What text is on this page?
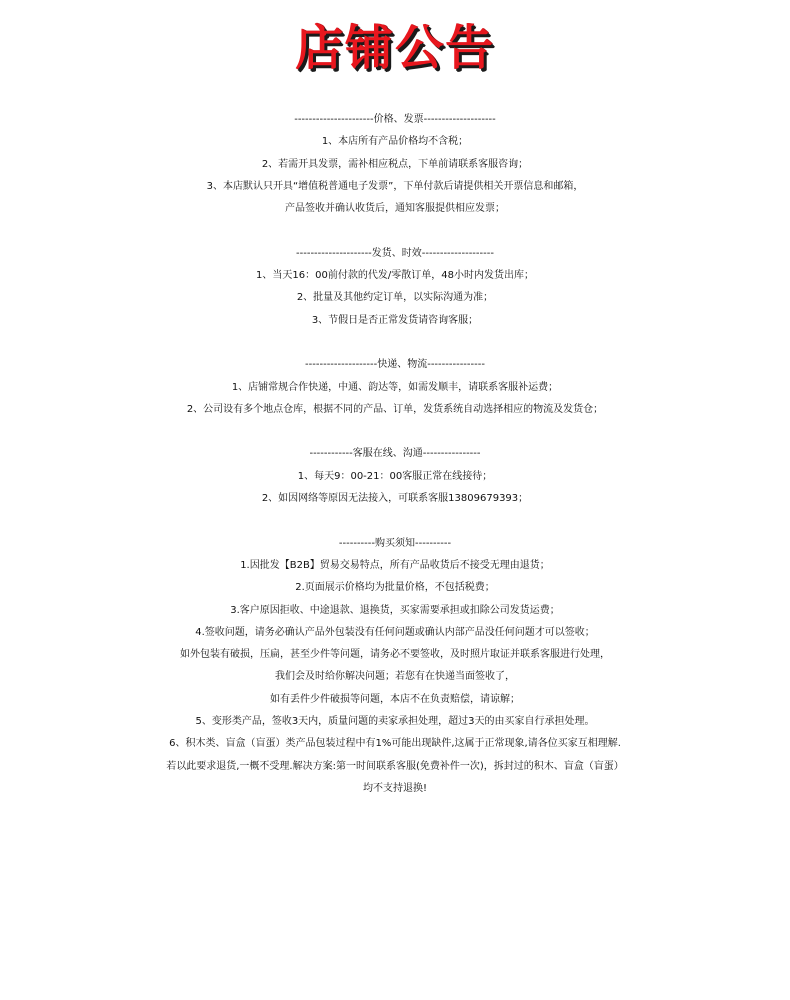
店铺公告
----------------------价格、发票--------------------
1、本店所有产品价格均不含税；
2、若需开具发票，需补相应税点，下单前请联系客服咨询；
3、本店默认只开具“增值税普通电子发票”，下单付款后请提供相关开票信息和邮箱，
产品签收并确认收货后，通知客服提供相应发票；
---------------------发货、时效--------------------
1、当天16：00前付款的代发/零散订单，48小时内发货出库；
2、批量及其他约定订单，以实际沟通为准；
3、节假日是否正常发货请咨询客服；
--------------------快递、物流----------------
1、店铺常规合作快递，中通、韵达等，如需发顺丰，请联系客服补运费；
2、公司设有多个地点仓库，根据不同的产品、订单，发货系统自动选择相应的物流及发货仓；
------------客服在线、沟通----------------
1、每天9：00-21：00客服正常在线接待；
2、如因网络等原因无法接入，可联系客服13809679393；
----------购买须知----------
1.因批发【B2B】贸易交易特点，所有产品收货后不接受无理由退货；
2.页面展示价格均为批量价格，不包括税费；
3.客户原因拒收、中途退款、退换货，买家需要承担或扣除公司发货运费；
4.签收问题，请务必确认产品外包装没有任何问题或确认内部产品没任何问题才可以签收；
如外包装有破损，压扁，甚至少件等问题，请务必不要签收，及时照片取证并联系客服进行处理，
我们会及时给你解决问题；若您有在快递当面签收了，
如有丢件少件破损等问题，本店不在负责赔偿，请谅解；
5、变形类产品，签收3天内，质量问题的卖家承担处理，超过3天的由买家自行承担处理。
6、积木类、盲盒（盲蛋）类产品包装过程中有1%可能出现缺件,这属于正常现象,请各位买家互相理解.
若以此要求退货,一概不受理.解决方案:第一时间联系客服(免费补件一次)，拆封过的积木、盲盒（盲蛋）
均不支持退换!
